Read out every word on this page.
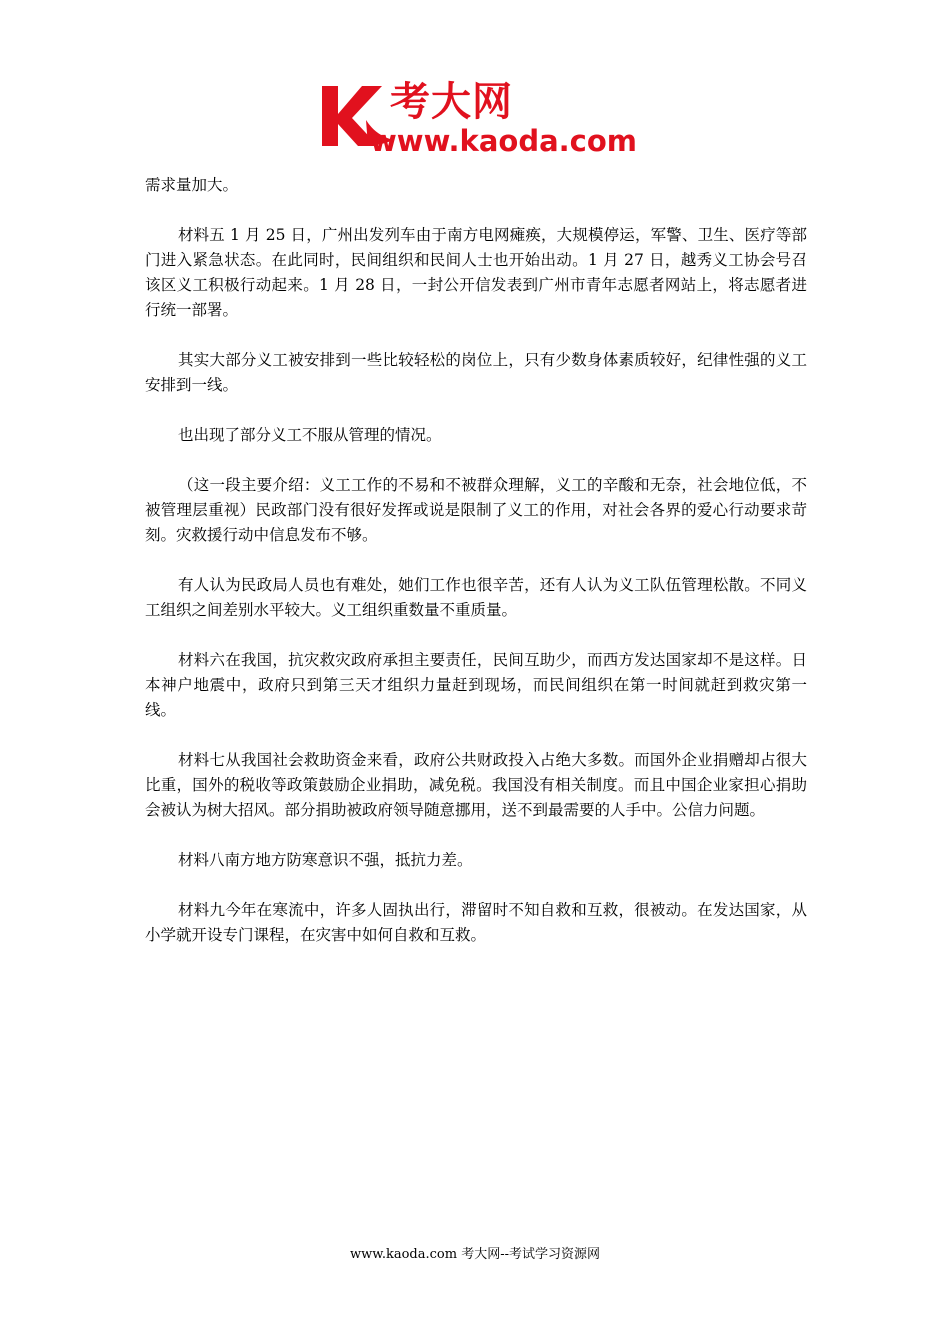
考大网
www.kaoda.com

需求量加大。

材料五 1 月 25 日，广州出发列车由于南方电网瘫痪，大规模停运，军警、卫生、医疗等部门进入紧急状态。在此同时，民间组织和民间人士也开始出动。1 月 27 日，越秀义工协会号召该区义工积极行动起来。1 月 28 日，一封公开信发表到广州市青年志愿者网站上，将志愿者进行统一部署。

其实大部分义工被安排到一些比较轻松的岗位上，只有少数身体素质较好，纪律性强的义工安排到一线。

也出现了部分义工不服从管理的情况。

（这一段主要介绍：义工工作的不易和不被群众理解，义工的辛酸和无奈，社会地位低，不被管理层重视）民政部门没有很好发挥或说是限制了义工的作用，对社会各界的爱心行动要求苛刻。灾救援行动中信息发布不够。

有人认为民政局人员也有难处，她们工作也很辛苦，还有人认为义工队伍管理松散。不同义工组织之间差别水平较大。义工组织重数量不重质量。

材料六在我国，抗灾救灾政府承担主要责任，民间互助少，而西方发达国家却不是这样。日本神户地震中，政府只到第三天才组织力量赶到现场，而民间组织在第一时间就赶到救灾第一线。

材料七从我国社会救助资金来看，政府公共财政投入占绝大多数。而国外企业捐赠却占很大比重，国外的税收等政策鼓励企业捐助，减免税。我国没有相关制度。而且中国企业家担心捐助会被认为树大招风。部分捐助被政府领导随意挪用，送不到最需要的人手中。公信力问题。

材料八南方地方防寒意识不强，抵抗力差。

材料九今年在寒流中，许多人固执出行，滞留时不知自救和互救，很被动。在发达国家，从小学就开设专门课程，在灾害中如何自救和互救。

www.kaoda.com 考大网--考试学习资源网
